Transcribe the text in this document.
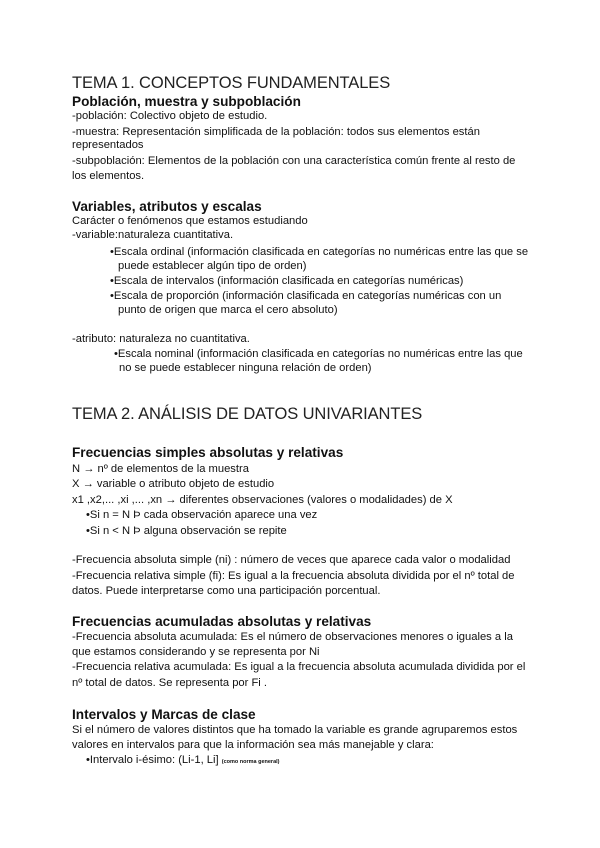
TEMA 1. CONCEPTOS FUNDAMENTALES
Población, muestra y subpoblación
-población: Colectivo objeto de estudio.
-muestra: Representación simplificada de la población: todos sus elementos están
representados
-subpoblación: Elementos de la población con una característica común frente al resto de
los elementos.
Variables, atributos y escalas
Carácter o fenómenos que estamos estudiando
-variable:naturaleza cuantitativa.
•Escala ordinal (información clasificada en categorías no numéricas entre las que se
puede establecer algún tipo de orden)
•Escala de intervalos (información clasificada en categorías numéricas)
•Escala de proporción (información clasificada en categorías numéricas con un
punto de origen que marca el cero absoluto)
-atributo: naturaleza no cuantitativa.
•Escala nominal (información clasificada en categorías no numéricas entre las que
no se puede establecer ninguna relación de orden)
TEMA 2. ANÁLISIS DE DATOS UNIVARIANTES
Frecuencias simples absolutas y relativas
N → nº de elementos de la muestra
X → variable o atributo objeto de estudio
x1 ,x2,... ,xi ,... ,xn → diferentes observaciones (valores o modalidades) de X
•Si n = N Þ cada observación aparece una vez
•Si n < N Þ alguna observación se repite
-Frecuencia absoluta simple (ni) : número de veces que aparece cada valor o modalidad
-Frecuencia relativa simple (fi): Es igual a la frecuencia absoluta dividida por el nº total de
datos. Puede interpretarse como una participación porcentual.
Frecuencias acumuladas absolutas y relativas
-Frecuencia absoluta acumulada: Es el número de observaciones menores o iguales a la
que estamos considerando y se representa por Ni
-Frecuencia relativa acumulada: Es igual a la frecuencia absoluta acumulada dividida por el
nº total de datos. Se representa por Fi .
Intervalos y Marcas de clase
Si el número de valores distintos que ha tomado la variable es grande agruparemos estos
valores en intervalos para que la información sea más manejable y clara:
•Intervalo i-ésimo: (Li-1, Li] (como norma general)
